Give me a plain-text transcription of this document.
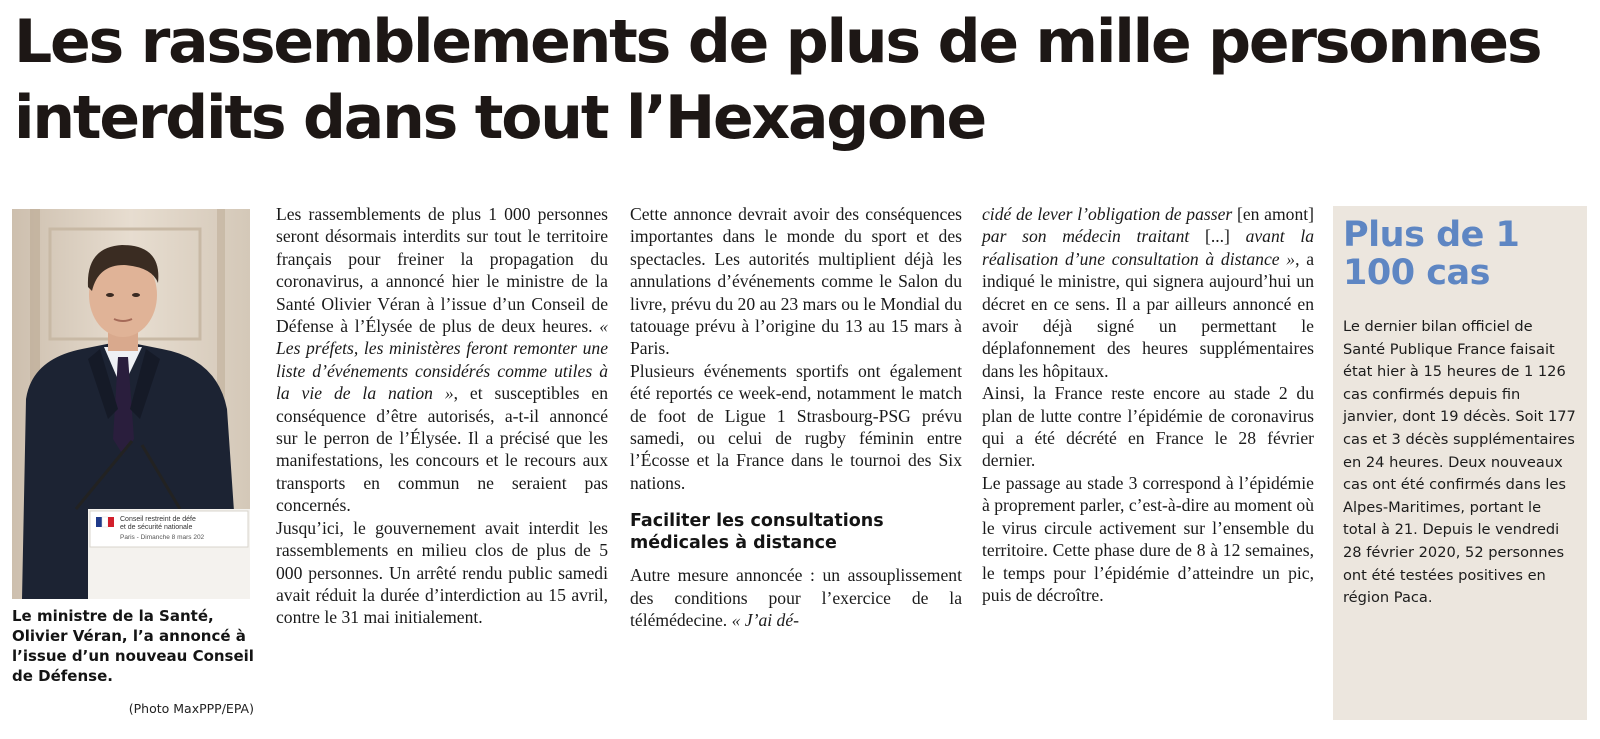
Les rassemblements de plus de mille personnes interdits dans tout l’Hexagone
Conseil restreint de défe
et de sécurité nationale
Paris - Dimanche 8 mars 202
Le ministre de la Santé, Olivier Véran, l’a annoncé à l’issue d’un nouveau Conseil de Défense.
(Photo MaxPPP/EPA)

Les rassemblements de plus 1 000 personnes seront désormais interdits sur tout le territoire français pour freiner la propagation du coronavirus, a annoncé hier le ministre de la Santé Olivier Véran à l’issue d’un Conseil de Défense à l’Élysée de plus de deux heures. « Les préfets, les ministères feront remonter une liste d’événements considérés comme utiles à la vie de la nation », et susceptibles en conséquence d’être autorisés, a-t-il annoncé sur le perron de l’Élysée. Il a précisé que les manifestations, les concours et le recours aux transports en commun ne seraient pas concernés.

Jusqu’ici, le gouvernement avait interdit les rassemblements en milieu clos de plus de 5 000 personnes. Un arrêté rendu public samedi avait réduit la durée d’interdiction au 15 avril, contre le 31 mai initialement.

Cette annonce devrait avoir des conséquences importantes dans le monde du sport et des spectacles. Les autorités multiplient déjà les annulations d’événements comme le Salon du livre, prévu du 20 au 23 mars ou le Mondial du tatouage prévu à l’origine du 13 au 15 mars à Paris.

Plusieurs événements sportifs ont également été reportés ce week-end, notamment le match de foot de Ligue 1 Strasbourg-PSG prévu samedi, ou celui de rugby féminin entre l’Écosse et la France dans le tournoi des Six nations.

Faciliter les consultations médicales à distance

Autre mesure annoncée : un assouplissement des conditions pour l’exercice de la télémédecine. « J’ai dé-

cidé de lever l’obligation de passer [en amont] par son médecin traitant [...] avant la réalisation d’une consultation à distance », a indiqué le ministre, qui signera aujourd’hui un décret en ce sens. Il a par ailleurs annoncé en avoir déjà signé un permettant le déplafonnement des heures supplémentaires dans les hôpitaux.

Ainsi, la France reste encore au stade 2 du plan de lutte contre l’épidémie de coronavirus qui a été décrété en France le 28 février dernier.

Le passage au stade 3 correspond à l’épidémie à proprement parler, c’est-à-dire au moment où le virus circule activement sur l’ensemble du territoire. Cette phase dure de 8 à 12 semaines, le temps pour l’épidémie d’atteindre un pic, puis de décroître.

Plus de 1 100 cas

Le dernier bilan officiel de Santé Publique France faisait état hier à 15 heures de 1 126 cas confirmés depuis fin janvier, dont 19 décès. Soit 177 cas et 3 décès supplémentaires en 24 heures. Deux nouveaux cas ont été confirmés dans les Alpes-Maritimes, portant le total à 21. Depuis le vendredi 28 février 2020, 52 personnes ont été testées positives en région Paca.
